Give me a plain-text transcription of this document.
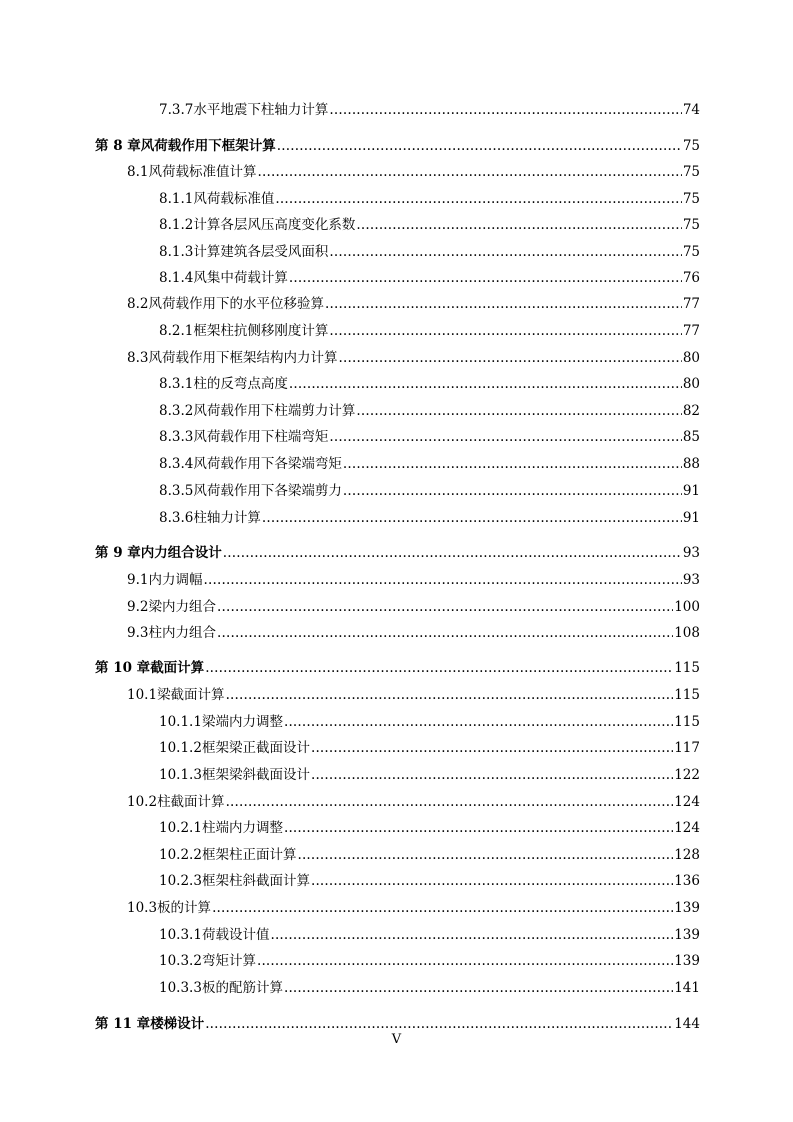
7.3.7 水平地震下柱轴力计算 .....	74
第 8 章 风荷载作用下框架计算 .....	75
8.1 风荷载标准值计算 .....	75
8.1.1 风荷载标准值 .....	75
8.1.2 计算各层风压高度变化系数 .....	75
8.1.3 计算建筑各层受风面积 .....	75
8.1.4 风集中荷载计算 .....	76
8.2 风荷载作用下的水平位移验算 .....	77
8.2.1 框架柱抗侧移刚度计算 .....	77
8.3 风荷载作用下框架结构内力计算 .....	80
8.3.1 柱的反弯点高度 .....	80
8.3.2 风荷载作用下柱端剪力计算 .....	82
8.3.3 风荷载作用下柱端弯矩 .....	85
8.3.4 风荷载作用下各梁端弯矩 .....	88
8.3.5 风荷载作用下各梁端剪力 .....	91
8.3.6 柱轴力计算 .....	91
第 9 章 内力组合设计 .....	93
9.1 内力调幅 .....	93
9.2 梁内力组合 .....	100
9.3 柱内力组合 .....	108
第 10 章 截面计算 .....	115
10.1 梁截面计算 .....	115
10.1.1 梁端内力调整 .....	115
10.1.2 框架梁正截面设计 .....	117
10.1.3 框架梁斜截面设计 .....	122
10.2 柱截面计算 .....	124
10.2.1 柱端内力调整 .....	124
10.2.2 框架柱正面计算 .....	128
10.2.3 框架柱斜截面计算 .....	136
10.3 板的计算 .....	139
10.3.1 荷载设计值 .....	139
10.3.2 弯矩计算 .....	139
10.3.3 板的配筋计算 .....	141
第 11 章 楼梯设计 .....	144
V
